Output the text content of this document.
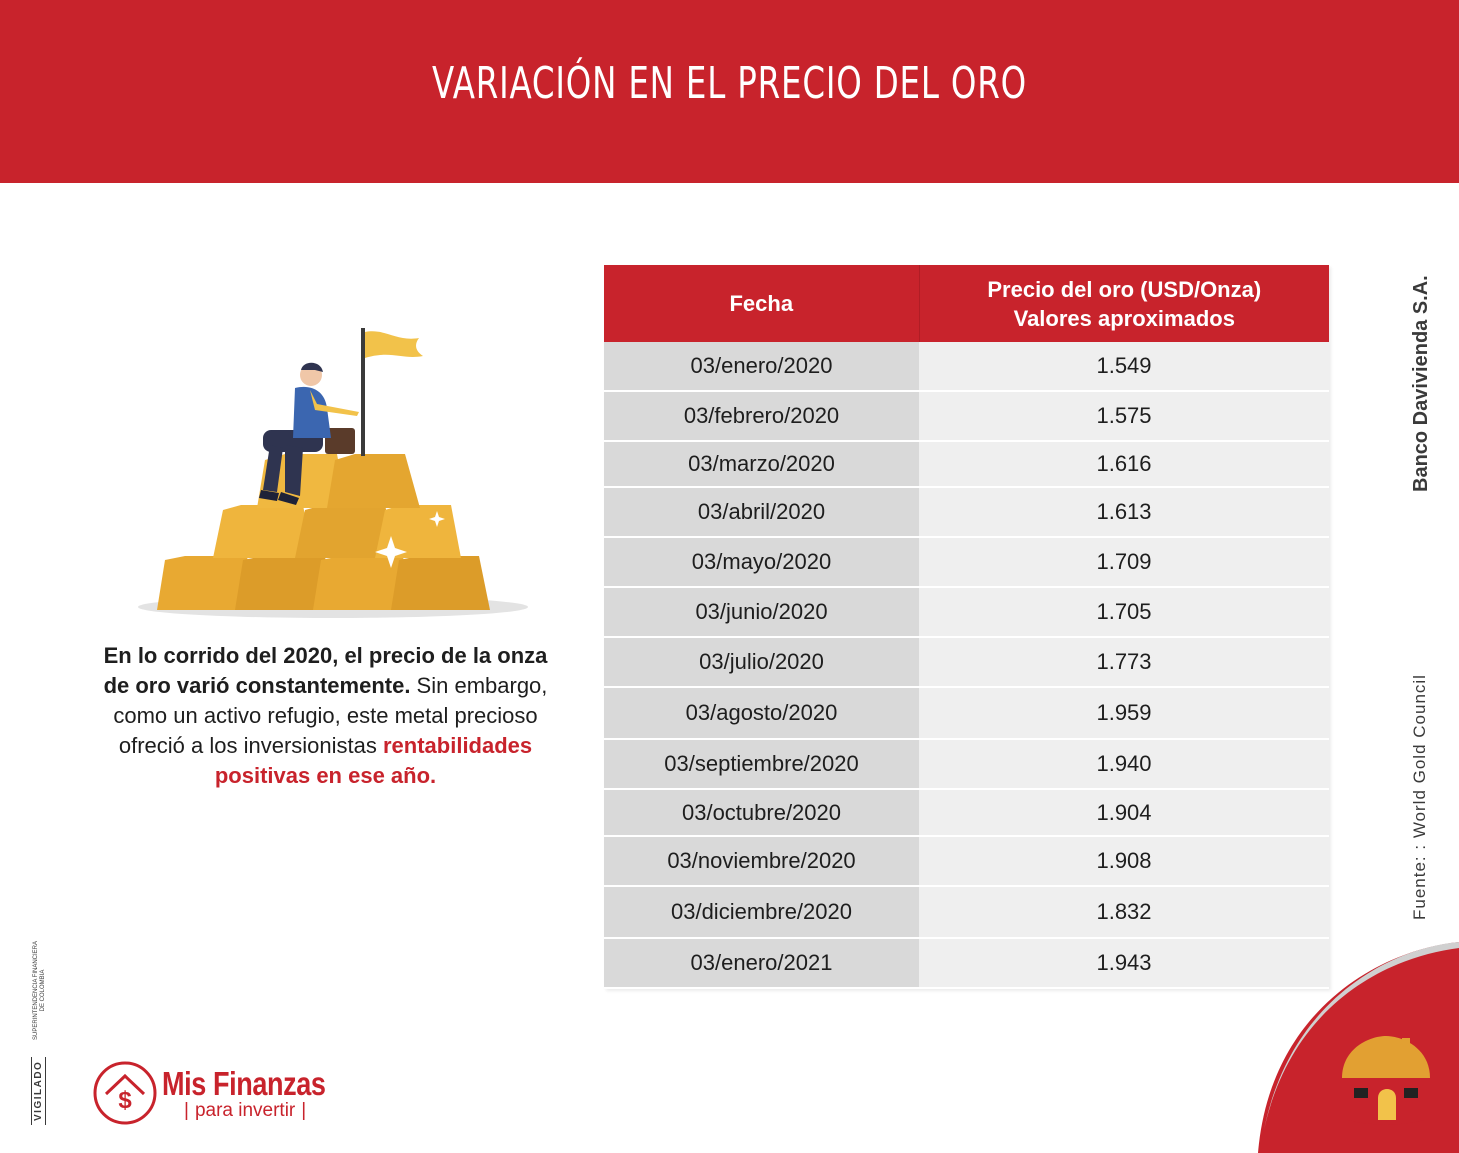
VARIACIÓN EN EL PRECIO DEL ORO
En lo corrido del 2020, el precio de la onza de oro varió constantemente. Sin embargo, como un activo refugio, este metal precioso ofreció a los inversionistas rentabilidades positivas en ese año.
Fecha
Precio del oro (USD/Onza)
Valores aproximados
03/enero/2020	1.549
03/febrero/2020	1.575
03/marzo/2020	1.616
03/abril/2020	1.613
03/mayo/2020	1.709
03/junio/2020	1.705
03/julio/2020	1.773
03/agosto/2020	1.959
03/septiembre/2020	1.940
03/octubre/2020	1.904
03/noviembre/2020	1.908
03/diciembre/2020	1.832
03/enero/2021	1.943
Banco Davivienda S.A.
Fuente: : World Gold Council
SUPERINTENDENCIA FINANCIERA DE COLOMBIA
VIGILADO	$ Mis Finanzas
| para invertir |
